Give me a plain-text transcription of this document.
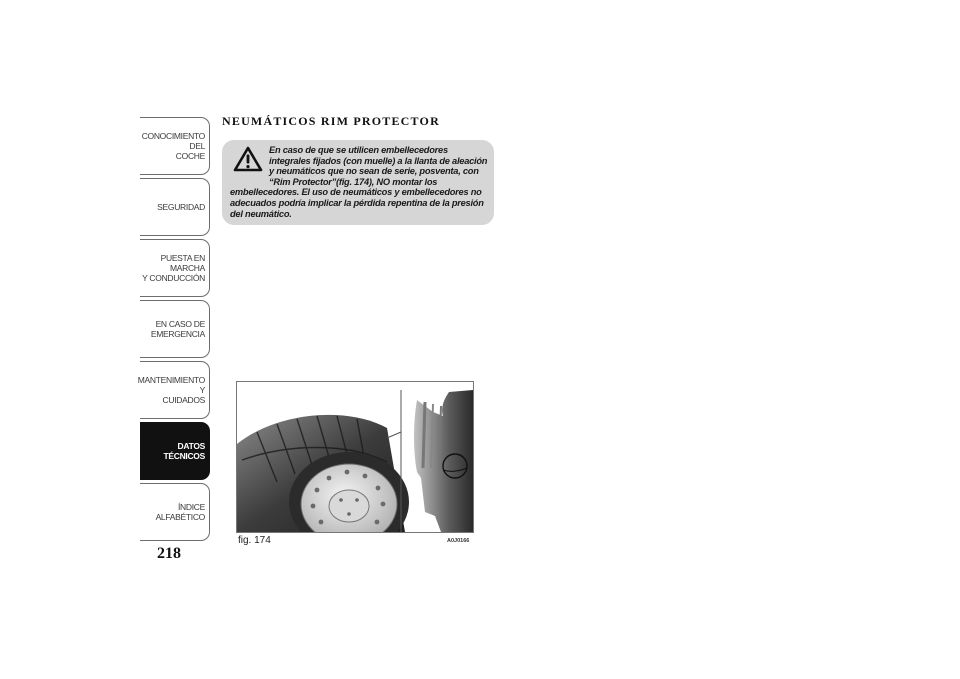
CONOCIMIENTO DEL
COCHE
SEGURIDAD
PUESTA EN MARCHA
Y CONDUCCIÓN
EN CASO DE
EMERGENCIA
MANTENIMIENTO Y
CUIDADOS
DATOS TÉCNICOS
ÍNDICE ALFABÉTICO
218
NEUMÁTICOS RIM PROTECTOR

En caso de que se utilicen embellecedores integrales fijados (con muelle) a la llanta de aleación y neumáticos que no sean de serie, posventa, con “Rim Protector”(fig. 174), NO montar los embellecedores. El uso de neumáticos y embellecedores no adecuados podría implicar la pérdida repentina de la presión del neumático.

fig. 174	A0J0166
